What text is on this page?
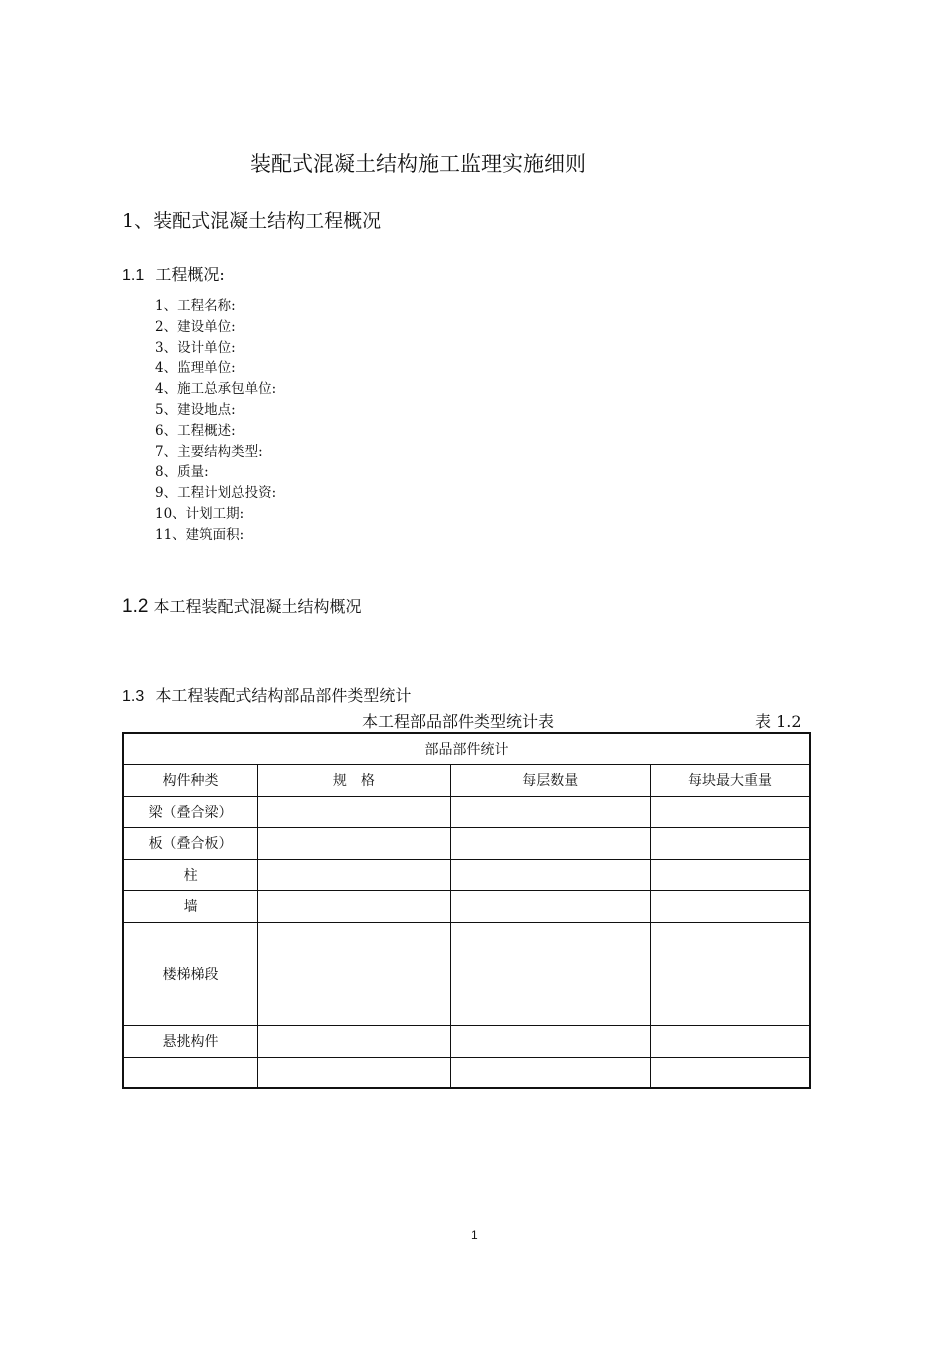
装配式混凝土结构施工监理实施细则
1、装配式混凝土结构工程概况
1.1 工程概况:
1、工程名称:
2、建设单位:
3、设计单位:
4、监理单位:
4、施工总承包单位:
5、建设地点:
6、工程概述:
7、主要结构类型:
8、质量:
9、工程计划总投资:
10、计划工期:
11、建筑面积:
1.2 本工程装配式混凝土结构概况
1.3 本工程装配式结构部品部件类型统计
本工程部品部件类型统计表	表 1.2
部品部件统计			
构件种类	规　格	每层数量	每块最大重量
梁（叠合梁）			
板（叠合板）			
柱			
墙			
楼梯梯段			
悬挑构件			

1
